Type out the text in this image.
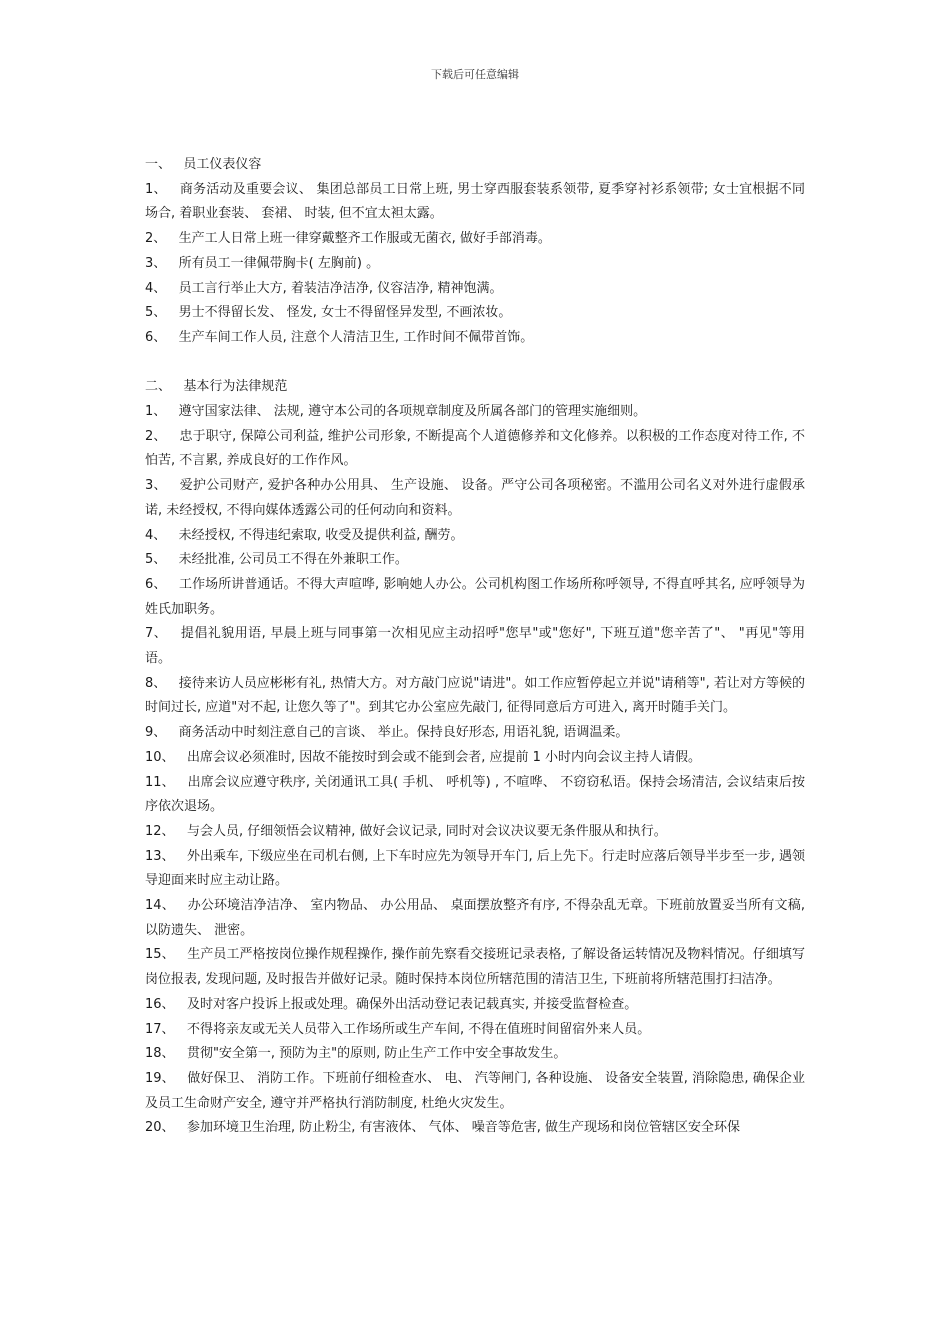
下载后可任意编辑

一、   员工仪表仪容

1、   商务活动及重要会议、 集团总部员工日常上班, 男士穿西服套装系领带, 夏季穿衬衫系领带; 女士宜根据不同场合, 着职业套装、 套裙、 时装, 但不宜太袒太露。

2、   生产工人日常上班一律穿戴整齐工作服或无菌衣, 做好手部消毒。

3、   所有员工一律佩带胸卡( 左胸前) 。

4、   员工言行举止大方, 着装洁净洁净, 仪容洁净, 精神饱满。

5、   男士不得留长发、 怪发, 女士不得留怪异发型, 不画浓妆。

6、   生产车间工作人员, 注意个人清洁卫生, 工作时间不佩带首饰。

二、   基本行为法律规范

1、   遵守国家法律、 法规, 遵守本公司的各项规章制度及所属各部门的管理实施细则。

2、   忠于职守, 保障公司利益, 维护公司形象, 不断提高个人道德修养和文化修养。以积极的工作态度对待工作, 不怕苦, 不言累, 养成良好的工作作风。

3、   爱护公司财产, 爱护各种办公用具、 生产设施、 设备。严守公司各项秘密。不滥用公司名义对外进行虚假承诺, 未经授权, 不得向媒体透露公司的任何动向和资料。

4、   未经授权, 不得违纪索取, 收受及提供利益, 酬劳。

5、   未经批准, 公司员工不得在外兼职工作。

6、   工作场所讲普通话。不得大声喧哗, 影响她人办公。公司机构图工作场所称呼领导, 不得直呼其名, 应呼领导为姓氏加职务。

7、   提倡礼貌用语, 早晨上班与同事第一次相见应主动招呼"您早"或"您好", 下班互道"您辛苦了"、 "再见"等用语。

8、   接待来访人员应彬彬有礼, 热情大方。对方敲门应说"请进"。如工作应暂停起立并说"请稍等", 若让对方等候的时间过长, 应道"对不起, 让您久等了"。到其它办公室应先敲门, 征得同意后方可进入, 离开时随手关门。

9、   商务活动中时刻注意自己的言谈、 举止。保持良好形态, 用语礼貌, 语调温柔。

10、   出席会议必须准时, 因故不能按时到会或不能到会者, 应提前 1 小时内向会议主持人请假。

11、   出席会议应遵守秩序, 关闭通讯工具( 手机、 呼机等) , 不喧哗、 不窃窃私语。保持会场清洁, 会议结束后按序依次退场。

12、   与会人员, 仔细领悟会议精神, 做好会议记录, 同时对会议决议要无条件服从和执行。

13、   外出乘车, 下级应坐在司机右侧, 上下车时应先为领导开车门, 后上先下。行走时应落后领导半步至一步, 遇领导迎面来时应主动让路。

14、   办公环境洁净洁净、 室内物品、 办公用品、 桌面摆放整齐有序, 不得杂乱无章。下班前放置妥当所有文稿, 以防遗失、 泄密。

15、   生产员工严格按岗位操作规程操作, 操作前先察看交接班记录表格, 了解设备运转情况及物料情况。仔细填写岗位报表, 发现问题, 及时报告并做好记录。随时保持本岗位所辖范围的清洁卫生, 下班前将所辖范围打扫洁净。

16、   及时对客户投诉上报或处理。确保外出活动登记表记载真实, 并接受监督检查。

17、   不得将亲友或无关人员带入工作场所或生产车间, 不得在值班时间留宿外来人员。

18、   贯彻"安全第一, 预防为主"的原则, 防止生产工作中安全事故发生。

19、   做好保卫、 消防工作。下班前仔细检查水、 电、 汽等闸门, 各种设施、 设备安全装置, 消除隐患, 确保企业及员工生命财产安全, 遵守并严格执行消防制度, 杜绝火灾发生。

20、   参加环境卫生治理, 防止粉尘, 有害液体、 气体、 噪音等危害, 做生产现场和岗位管辖区安全环保
